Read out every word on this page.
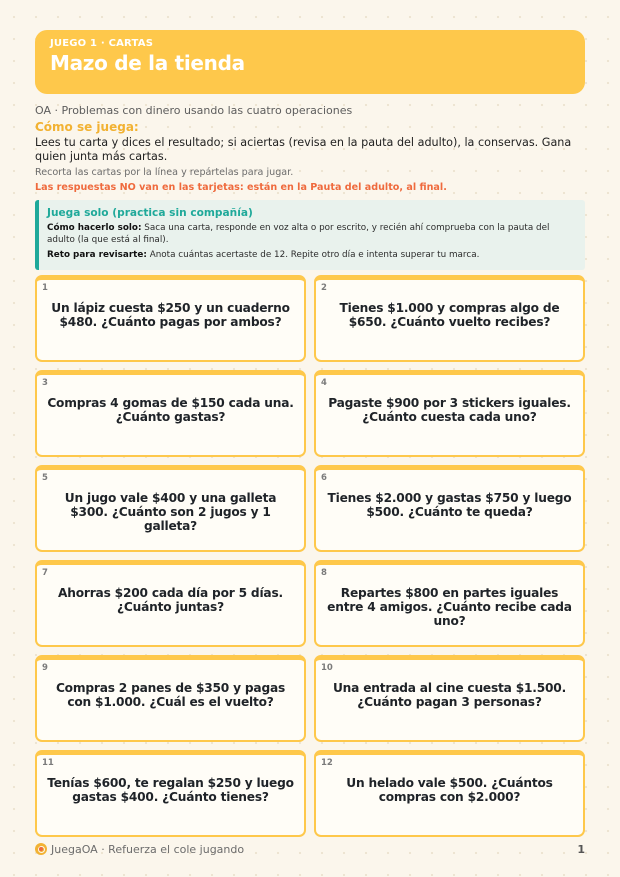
JUEGO 1 · CARTAS
Mazo de la tienda
OA · Problemas con dinero usando las cuatro operaciones
Cómo se juega:
Lees tu carta y dices el resultado; si aciertas (revisa en la pauta del adulto), la conservas. Gana quien junta más cartas.
Recorta las cartas por la línea y repártelas para jugar.
Las respuestas NO van en las tarjetas: están en la Pauta del adulto, al final.
Juega solo (practica sin compañía)
Cómo hacerlo solo: Saca una carta, responde en voz alta o por escrito, y recién ahí comprueba con la pauta del adulto (la que está al final).
Reto para revisarte: Anota cuántas acertaste de 12. Repite otro día e intenta superar tu marca.
1
Un lápiz cuesta $250 y un cuaderno $480. ¿Cuánto pagas por ambos?
2
Tienes $1.000 y compras algo de $650. ¿Cuánto vuelto recibes?
3
Compras 4 gomas de $150 cada una. ¿Cuánto gastas?
4
Pagaste $900 por 3 stickers iguales. ¿Cuánto cuesta cada uno?
5
Un jugo vale $400 y una galleta $300. ¿Cuánto son 2 jugos y 1 galleta?
6
Tienes $2.000 y gastas $750 y luego $500. ¿Cuánto te queda?
7
Ahorras $200 cada día por 5 días. ¿Cuánto juntas?
8
Repartes $800 en partes iguales entre 4 amigos. ¿Cuánto recibe cada uno?
9
Compras 2 panes de $350 y pagas con $1.000. ¿Cuál es el vuelto?
10
Una entrada al cine cuesta $1.500. ¿Cuánto pagan 3 personas?
11
Tenías $600, te regalan $250 y luego gastas $400. ¿Cuánto tienes?
12
Un helado vale $500. ¿Cuántos compras con $2.000?
JuegaOA · Refuerza el cole jugando	1
